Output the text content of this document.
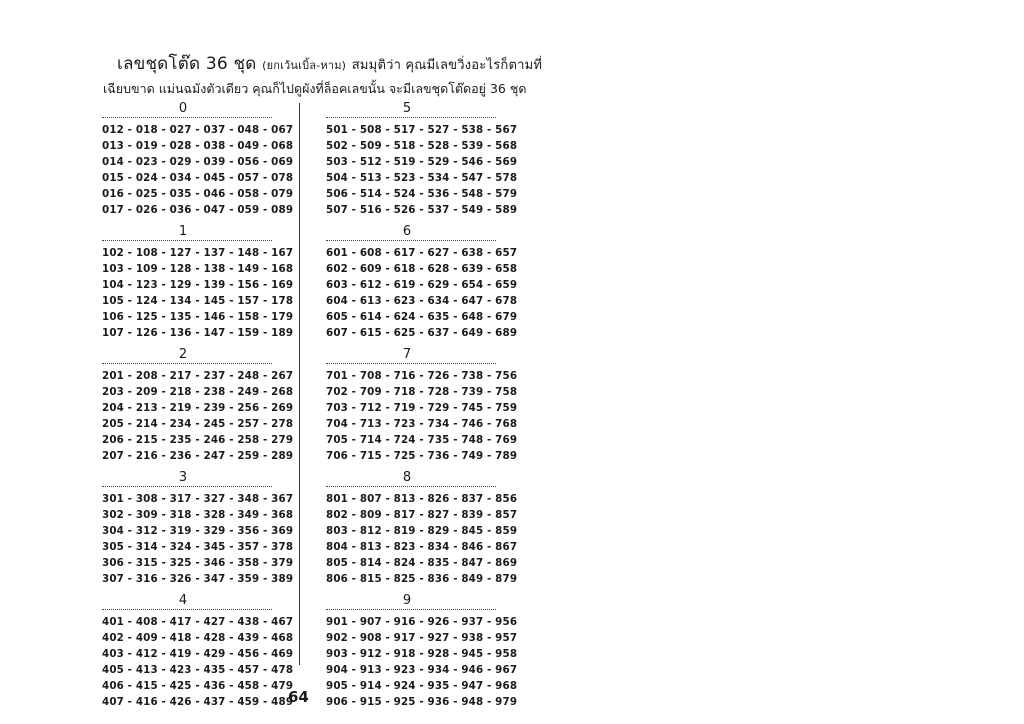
เลขชุดโต๊ด 36 ชุด (ยกเว้นเบิ้ล-หาม) สมมุติว่า คุณมีเลขวิ่งอะไรก็ตามที่
เฉียบขาด แม่นฉมังตัวเดียว คุณก็ไปดูผังที่ล็อคเลขนั้น จะมีเลขชุดโต๊ดอยู่ 36 ชุด
0
012 - 018 - 027 - 037 - 048 - 067
013 - 019 - 028 - 038 - 049 - 068
014 - 023 - 029 - 039 - 056 - 069
015 - 024 - 034 - 045 - 057 - 078
016 - 025 - 035 - 046 - 058 - 079
017 - 026 - 036 - 047 - 059 - 089
1
102 - 108 - 127 - 137 - 148 - 167
103 - 109 - 128 - 138 - 149 - 168
104 - 123 - 129 - 139 - 156 - 169
105 - 124 - 134 - 145 - 157 - 178
106 - 125 - 135 - 146 - 158 - 179
107 - 126 - 136 - 147 - 159 - 189
2
201 - 208 - 217 - 237 - 248 - 267
203 - 209 - 218 - 238 - 249 - 268
204 - 213 - 219 - 239 - 256 - 269
205 - 214 - 234 - 245 - 257 - 278
206 - 215 - 235 - 246 - 258 - 279
207 - 216 - 236 - 247 - 259 - 289
3
301 - 308 - 317 - 327 - 348 - 367
302 - 309 - 318 - 328 - 349 - 368
304 - 312 - 319 - 329 - 356 - 369
305 - 314 - 324 - 345 - 357 - 378
306 - 315 - 325 - 346 - 358 - 379
307 - 316 - 326 - 347 - 359 - 389
4
401 - 408 - 417 - 427 - 438 - 467
402 - 409 - 418 - 428 - 439 - 468
403 - 412 - 419 - 429 - 456 - 469
405 - 413 - 423 - 435 - 457 - 478
406 - 415 - 425 - 436 - 458 - 479
407 - 416 - 426 - 437 - 459 - 489
5
501 - 508 - 517 - 527 - 538 - 567
502 - 509 - 518 - 528 - 539 - 568
503 - 512 - 519 - 529 - 546 - 569
504 - 513 - 523 - 534 - 547 - 578
506 - 514 - 524 - 536 - 548 - 579
507 - 516 - 526 - 537 - 549 - 589
6
601 - 608 - 617 - 627 - 638 - 657
602 - 609 - 618 - 628 - 639 - 658
603 - 612 - 619 - 629 - 654 - 659
604 - 613 - 623 - 634 - 647 - 678
605 - 614 - 624 - 635 - 648 - 679
607 - 615 - 625 - 637 - 649 - 689
7
701 - 708 - 716 - 726 - 738 - 756
702 - 709 - 718 - 728 - 739 - 758
703 - 712 - 719 - 729 - 745 - 759
704 - 713 - 723 - 734 - 746 - 768
705 - 714 - 724 - 735 - 748 - 769
706 - 715 - 725 - 736 - 749 - 789
8
801 - 807 - 813 - 826 - 837 - 856
802 - 809 - 817 - 827 - 839 - 857
803 - 812 - 819 - 829 - 845 - 859
804 - 813 - 823 - 834 - 846 - 867
805 - 814 - 824 - 835 - 847 - 869
806 - 815 - 825 - 836 - 849 - 879
9
901 - 907 - 916 - 926 - 937 - 956
902 - 908 - 917 - 927 - 938 - 957
903 - 912 - 918 - 928 - 945 - 958
904 - 913 - 923 - 934 - 946 - 967
905 - 914 - 924 - 935 - 947 - 968
906 - 915 - 925 - 936 - 948 - 979
64
